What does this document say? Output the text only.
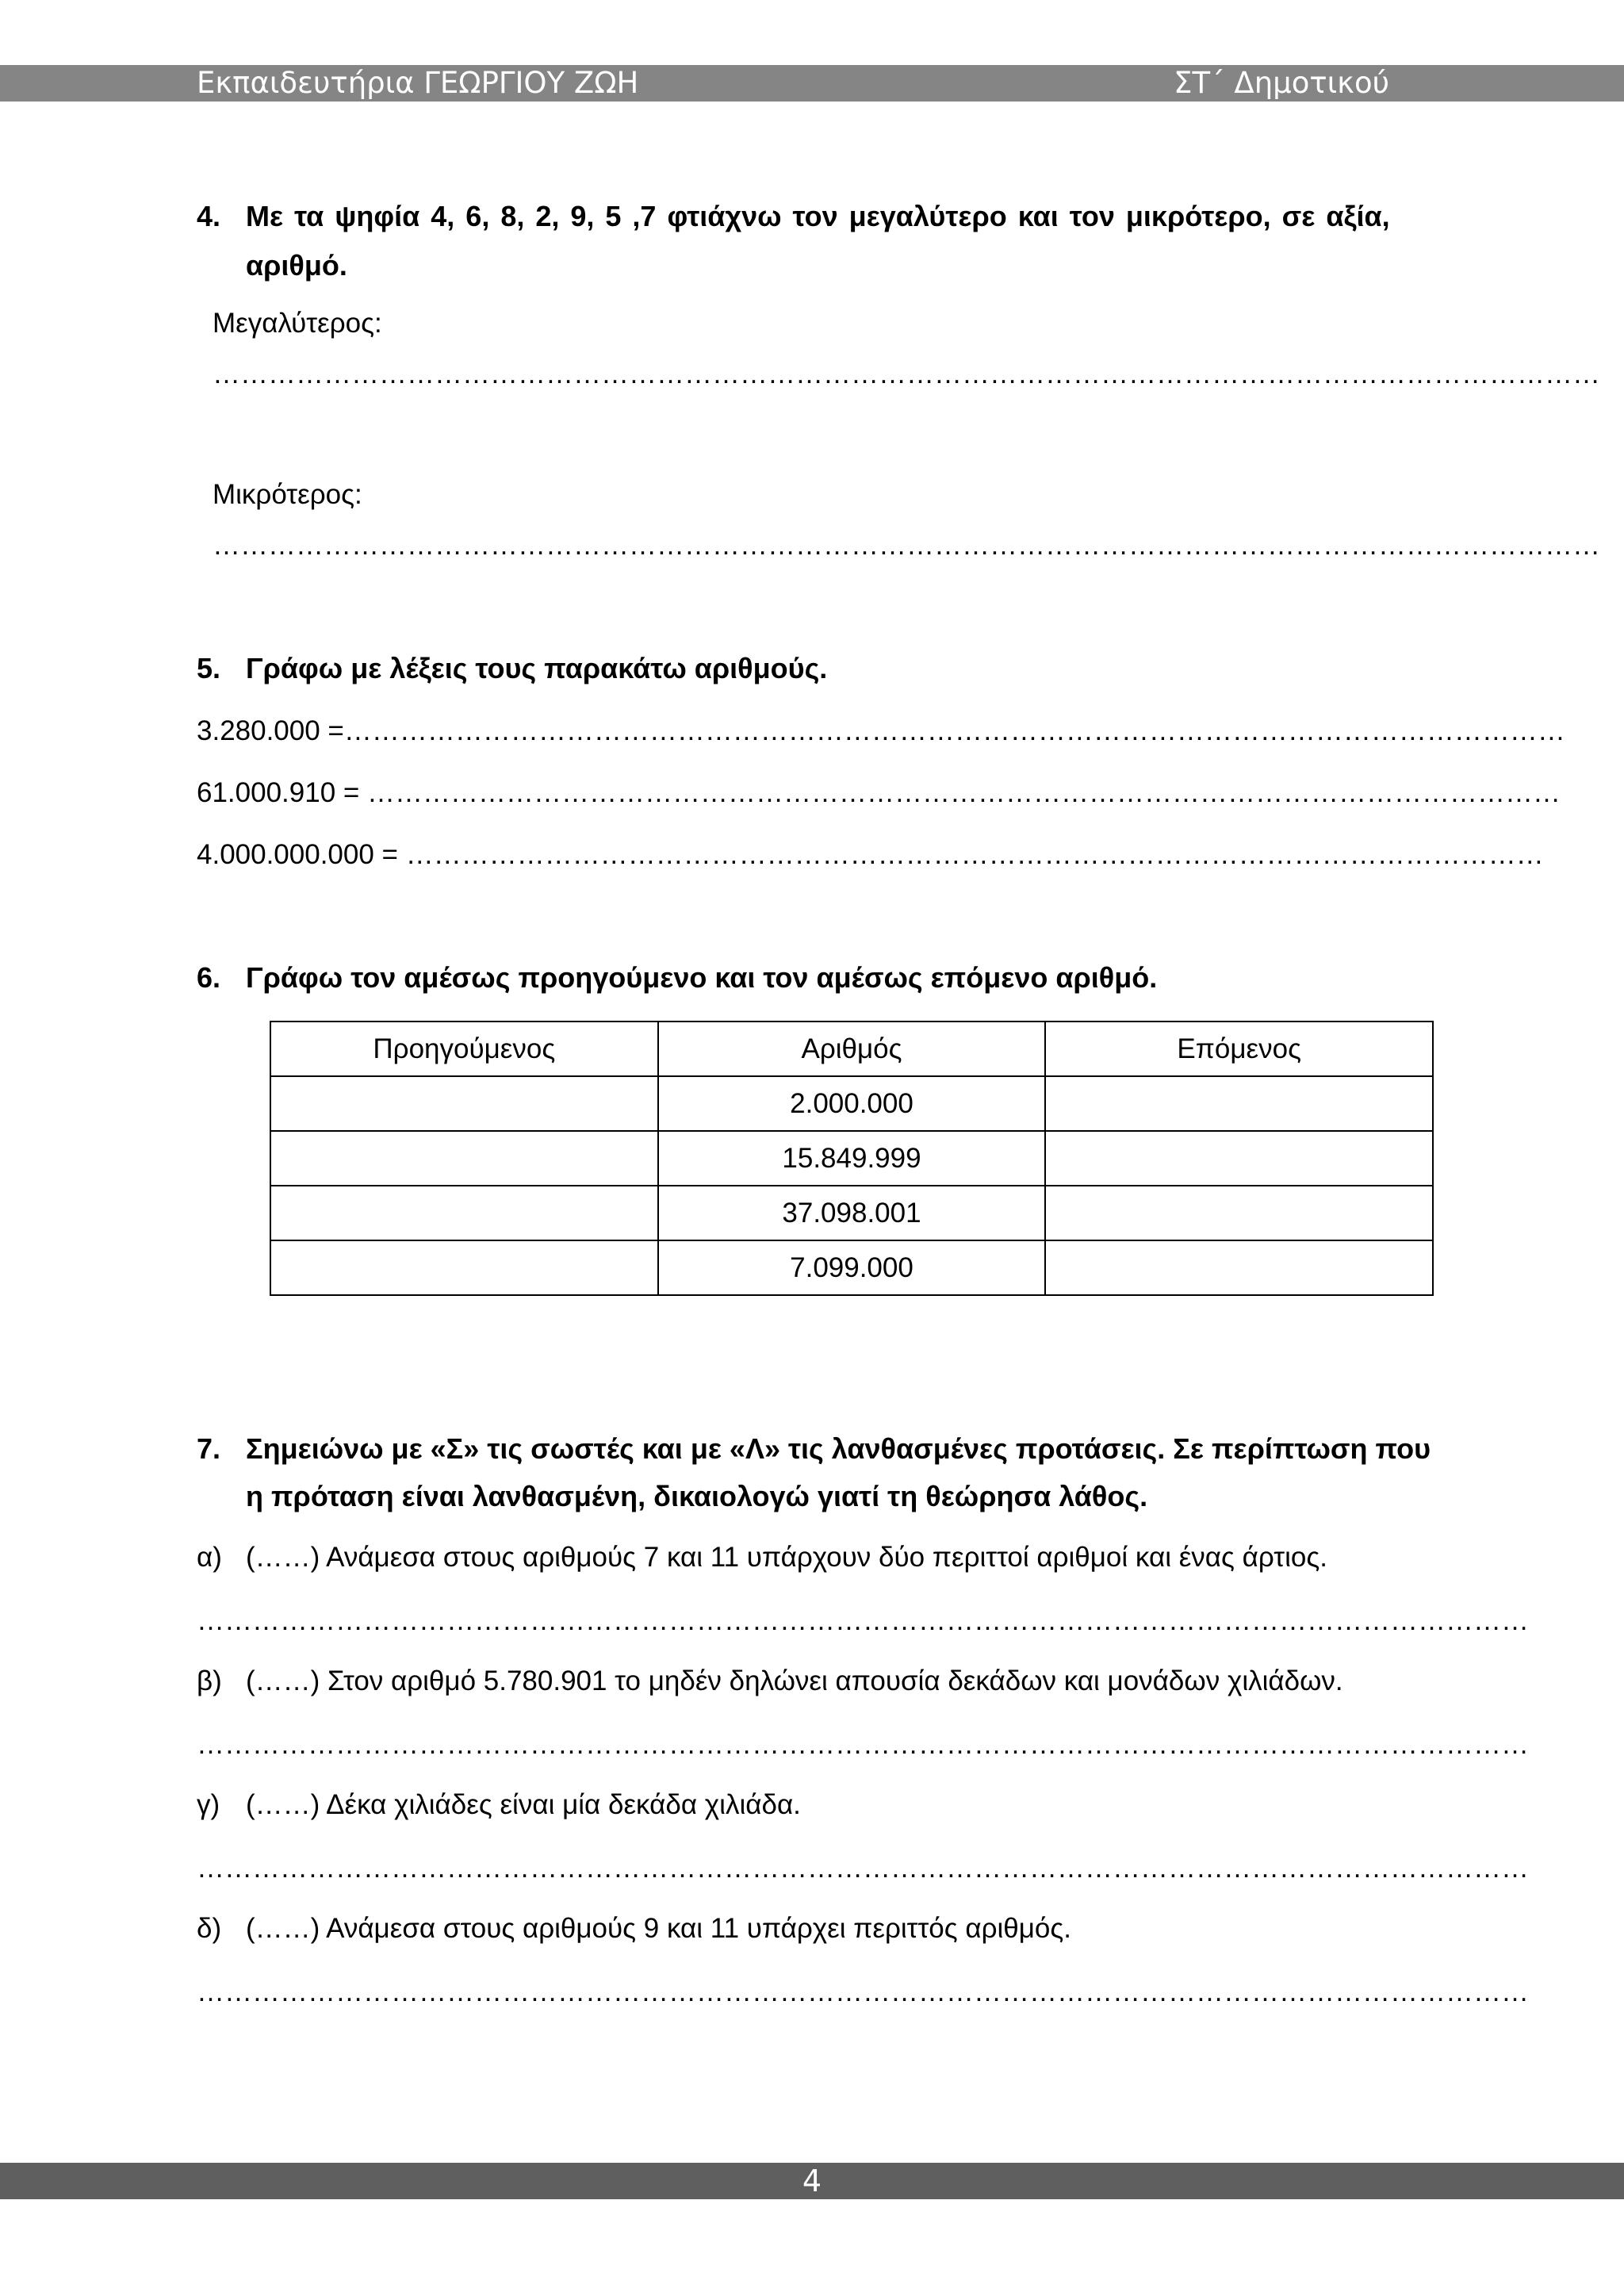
Εκπαιδευτήρια ΓΕΩΡΓΙΟΥ ΖΩΗ	ΣΤ΄ Δημοτικού
4. Με τα ψηφία 4, 6, 8, 2, 9, 5 ,7 φτιάχνω τον μεγαλύτερο και τον μικρότερο, σε αξία,
αριθμό.
Μεγαλύτερος:
……………………………………………………………………………………………………………………………………
Μικρότερος:
……………………………………………………………………………………………………………………………………
5. Γράφω με λέξεις τους παρακάτω αριθμούς.
3.280.000 =……………………………………………………………………………………………………………………
61.000.910 = …………………………………………………………………………………………………………………
4.000.000.000 = ……………………………………………………………………………………………………………
6. Γράφω τον αμέσως προηγούμενο και τον αμέσως επόμενο αριθμό.
Προηγούμενος	Αριθμός	Επόμενος
	2.000.000	
	15.849.999	
	37.098.001	
	7.099.000	
7. Σημειώνω με «Σ» τις σωστές και με «Λ» τις λανθασμένες προτάσεις. Σε περίπτωση που
η πρόταση είναι λανθασμένη, δικαιολογώ γιατί τη θεώρησα λάθος.
α) (……) Ανάμεσα στους αριθμούς 7 και 11 υπάρχουν δύο περιττοί αριθμοί και ένας άρτιος.
………………………………………………………………………………………………………………………………
β) (……) Στον αριθμό 5.780.901 το μηδέν δηλώνει απουσία δεκάδων και μονάδων χιλιάδων.
………………………………………………………………………………………………………………………………
γ) (……) Δέκα χιλιάδες είναι μία δεκάδα χιλιάδα.
………………………………………………………………………………………………………………………………
δ) (……) Ανάμεσα στους αριθμούς 9 και 11 υπάρχει περιττός αριθμός.
………………………………………………………………………………………………………………………………
4
